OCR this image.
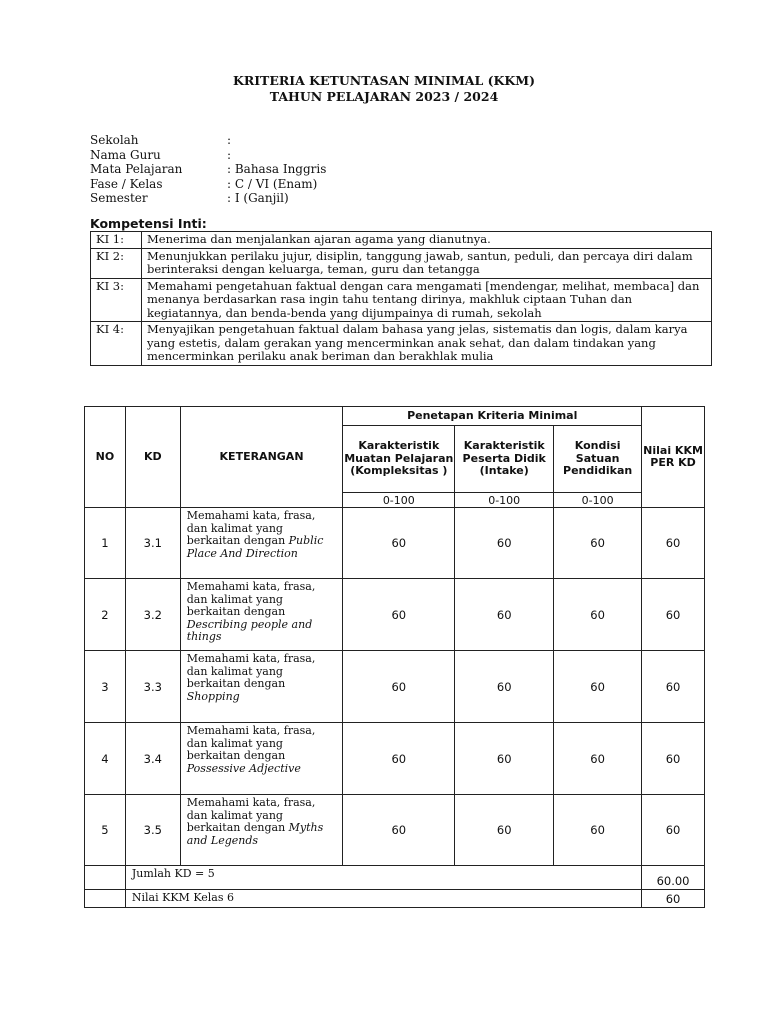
KRITERIA KETUNTASAN MINIMAL (KKM)
TAHUN PELAJARAN 2023 / 2024
Sekolah	:
Nama Guru	:
Mata Pelajaran	: Bahasa Inggris
Fase / Kelas	: C / VI (Enam)
Semester	: I (Ganjil)
Kompetensi Inti:
KI 1:	Menerima dan menjalankan ajaran agama yang dianutnya.
KI 2:	Menunjukkan perilaku jujur, disiplin, tanggung jawab, santun, peduli, dan percaya diri dalam berinteraksi dengan keluarga, teman, guru dan tetangga
KI 3:	Memahami pengetahuan faktual dengan cara mengamati [mendengar, melihat, membaca] dan menanya berdasarkan rasa ingin tahu tentang dirinya, makhluk ciptaan Tuhan dan kegiatannya, dan benda-benda yang dijumpainya di rumah, sekolah
KI 4:	Menyajikan pengetahuan faktual dalam bahasa yang jelas, sistematis dan logis, dalam karya yang estetis, dalam gerakan yang mencerminkan anak sehat, dan dalam tindakan yang mencerminkan perilaku anak beriman dan berakhlak mulia
NO	KD	KETERANGAN	Penetapan Kriteria Minimal			Nilai KKM PER KD
			Karakteristik Muatan Pelajaran (Kompleksitas )	Karakteristik Peserta Didik (Intake)	Kondisi Satuan Pendidikan	
			0-100	0-100	0-100	
1	3.1	Memahami kata, frasa, dan kalimat yang berkaitan dengan Public Place And Direction	60	60	60	60
2	3.2	Memahami kata, frasa, dan kalimat yang berkaitan dengan Describing people and things	60	60	60	60
3	3.3	Memahami kata, frasa, dan kalimat yang berkaitan dengan Shopping	60	60	60	60
4	3.4	Memahami kata, frasa, dan kalimat yang berkaitan dengan Possessive Adjective	60	60	60	60
5	3.5	Memahami kata, frasa, dan kalimat yang berkaitan dengan Myths and Legends	60	60	60	60
	Jumlah KD = 5					60.00
	Nilai KKM Kelas 6					60
